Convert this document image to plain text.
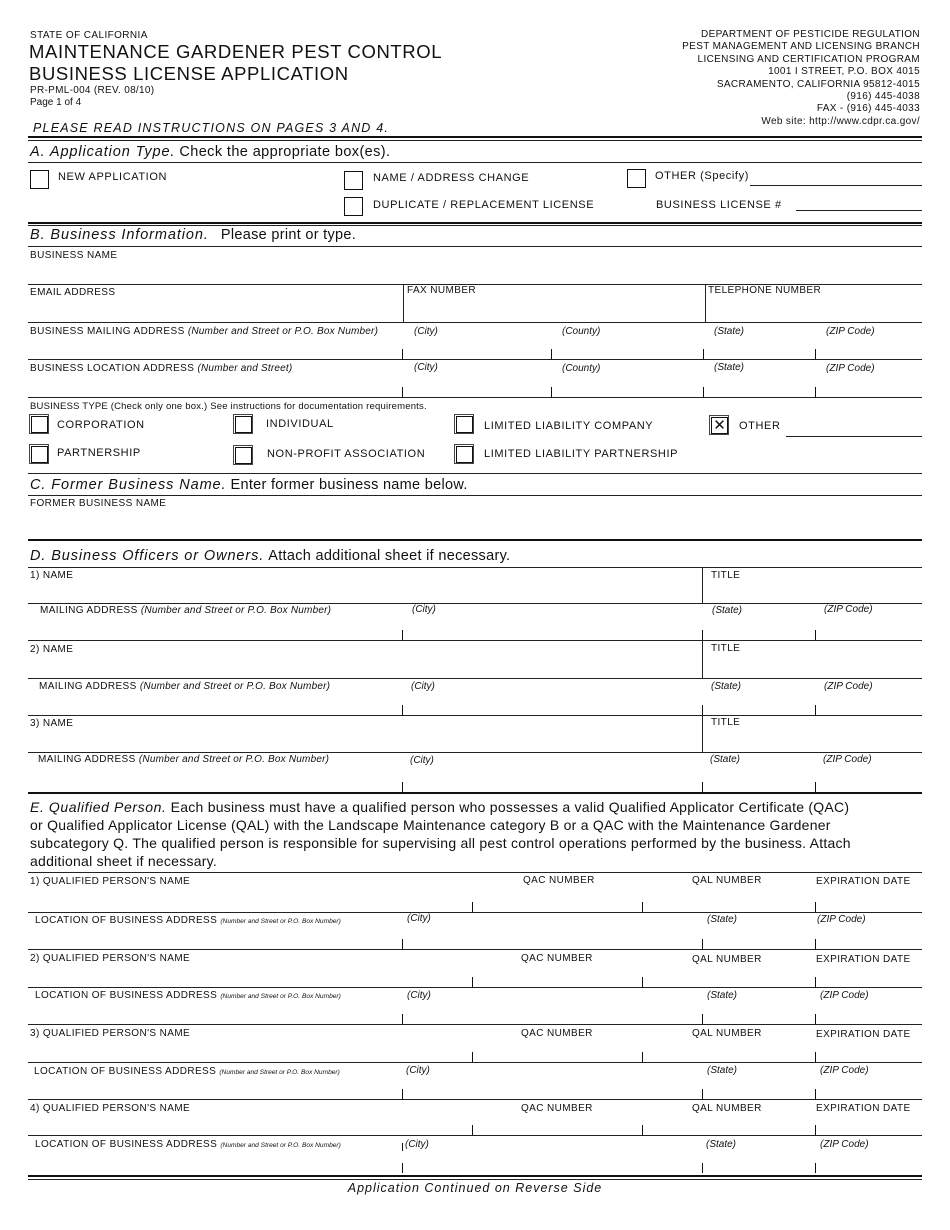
STATE OF CALIFORNIA
MAINTENANCE GARDENER PEST CONTROL
BUSINESS LICENSE APPLICATION
PR-PML-004 (REV. 08/10)
Page 1 of 4
DEPARTMENT OF PESTICIDE REGULATION
PEST MANAGEMENT AND LICENSING BRANCH
LICENSING AND CERTIFICATION PROGRAM
1001 I STREET, P.O. BOX 4015
SACRAMENTO, CALIFORNIA 95812-4015
(916) 445-4038
FAX - (916) 445-4033
Web site: http://www.cdpr.ca.gov/
PLEASE READ INSTRUCTIONS ON PAGES 3 AND 4.
A. Application Type. Check the appropriate box(es).
NEW APPLICATION	NAME / ADDRESS CHANGE	OTHER (Specify)
DUPLICATE / REPLACEMENT LICENSE	BUSINESS LICENSE #
B. Business Information. Please print or type.
BUSINESS NAME
EMAIL ADDRESS	FAX NUMBER	TELEPHONE NUMBER
BUSINESS MAILING ADDRESS (Number and Street or P.O. Box Number)	(City)	(County)	(State)	(ZIP Code)
BUSINESS LOCATION ADDRESS (Number and Street)	(City)	(County)	(State)	(ZIP Code)
BUSINESS TYPE (Check only one box.) See instructions for documentation requirements.
CORPORATION	INDIVIDUAL	LIMITED LIABILITY COMPANY	✕ OTHER
PARTNERSHIP	NON-PROFIT ASSOCIATION	LIMITED LIABILITY PARTNERSHIP
C. Former Business Name. Enter former business name below.
FORMER BUSINESS NAME
D. Business Officers or Owners. Attach additional sheet if necessary.
1) NAME	TITLE
MAILING ADDRESS (Number and Street or P.O. Box Number)	(City)	(State)	(ZIP Code)
2) NAME	TITLE
MAILING ADDRESS (Number and Street or P.O. Box Number)	(City)	(State)	(ZIP Code)
3) NAME	TITLE
MAILING ADDRESS (Number and Street or P.O. Box Number)	(City)	(State)	(ZIP Code)
E. Qualified Person. Each business must have a qualified person who possesses a valid Qualified Applicator Certificate (QAC)
or Qualified Applicator License (QAL) with the Landscape Maintenance category B or a QAC with the Maintenance Gardener
subcategory Q. The qualified person is responsible for supervising all pest control operations performed by the business. Attach
additional sheet if necessary.
1) QUALIFIED PERSON'S NAME	QAC NUMBER	QAL NUMBER	EXPIRATION DATE
LOCATION OF BUSINESS ADDRESS (Number and Street or P.O. Box Number)	(City)	(State)	(ZIP Code)
2) QUALIFIED PERSON'S NAME	QAC NUMBER	QAL NUMBER	EXPIRATION DATE
LOCATION OF BUSINESS ADDRESS (Number and Street or P.O. Box Number)	(City)	(State)	(ZIP Code)
3) QUALIFIED PERSON'S NAME	QAC NUMBER	QAL NUMBER	EXPIRATION DATE
LOCATION OF BUSINESS ADDRESS (Number and Street or P.O. Box Number)	(City)	(State)	(ZIP Code)
4) QUALIFIED PERSON'S NAME	QAC NUMBER	QAL NUMBER	EXPIRATION DATE
LOCATION OF BUSINESS ADDRESS (Number and Street or P.O. Box Number)	(City)	(State)	(ZIP Code)
Application Continued on Reverse Side
